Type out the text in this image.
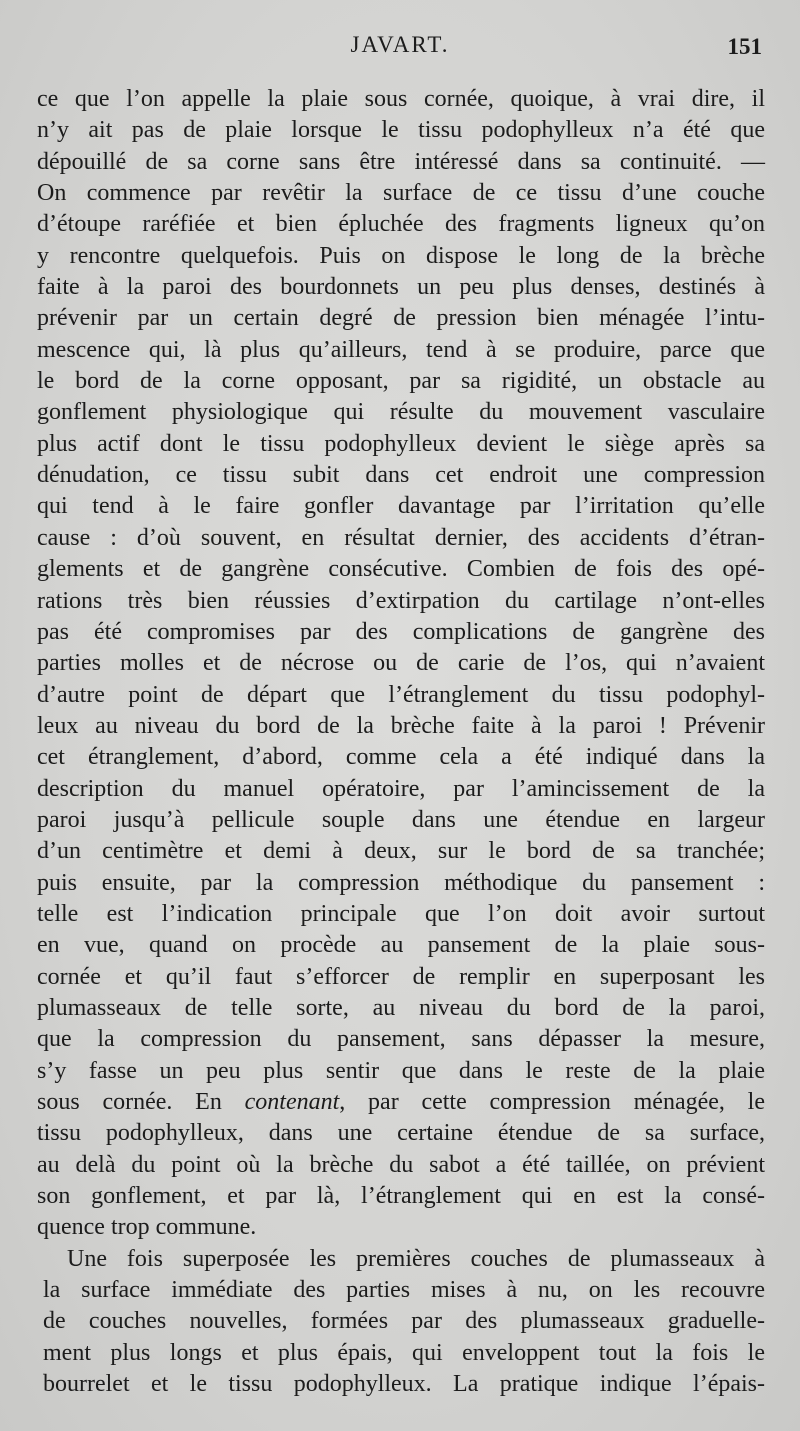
JAVART.	151
ce que l’on appelle la plaie sous cornée, quoique, à vrai dire, il
n’y ait pas de plaie lorsque le tissu podophylleux n’a été que
dépouillé de sa corne sans être intéressé dans sa continuité. —
On commence par revêtir la surface de ce tissu d’une couche
d’étoupe raréfiée et bien épluchée des fragments ligneux qu’on
y rencontre quelquefois. Puis on dispose le long de la brèche
faite à la paroi des bourdonnets un peu plus denses, destinés à
prévenir par un certain degré de pression bien ménagée l’intu-
mescence qui, là plus qu’ailleurs, tend à se produire, parce que
le bord de la corne opposant, par sa rigidité, un obstacle au
gonflement physiologique qui résulte du mouvement vasculaire
plus actif dont le tissu podophylleux devient le siège après sa
dénudation, ce tissu subit dans cet endroit une compression
qui tend à le faire gonfler davantage par l’irritation qu’elle
cause : d’où souvent, en résultat dernier, des accidents d’étran-
glements et de gangrène consécutive. Combien de fois des opé-
rations très bien réussies d’extirpation du cartilage n’ont-elles
pas été compromises par des complications de gangrène des
parties molles et de nécrose ou de carie de l’os, qui n’avaient
d’autre point de départ que l’étranglement du tissu podophyl-
leux au niveau du bord de la brèche faite à la paroi ! Prévenir
cet étranglement, d’abord, comme cela a été indiqué dans la
description du manuel opératoire, par l’amincissement de la
paroi jusqu’à pellicule souple dans une étendue en largeur
d’un centimètre et demi à deux, sur le bord de sa tranchée;
puis ensuite, par la compression méthodique du pansement :
telle est l’indication principale que l’on doit avoir surtout
en vue, quand on procède au pansement de la plaie sous-
cornée et qu’il faut s’efforcer de remplir en superposant les
plumasseaux de telle sorte, au niveau du bord de la paroi,
que la compression du pansement, sans dépasser la mesure,
s’y fasse un peu plus sentir que dans le reste de la plaie
sous cornée. En contenant, par cette compression ménagée, le
tissu podophylleux, dans une certaine étendue de sa surface,
au delà du point où la brèche du sabot a été taillée, on prévient
son gonflement, et par là, l’étranglement qui en est la consé-
quence trop commune.
Une fois superposée les premières couches de plumasseaux à
la surface immédiate des parties mises à nu, on les recouvre
de couches nouvelles, formées par des plumasseaux graduelle-
ment plus longs et plus épais, qui enveloppent tout la fois le
bourrelet et le tissu podophylleux. La pratique indique l’épais-
